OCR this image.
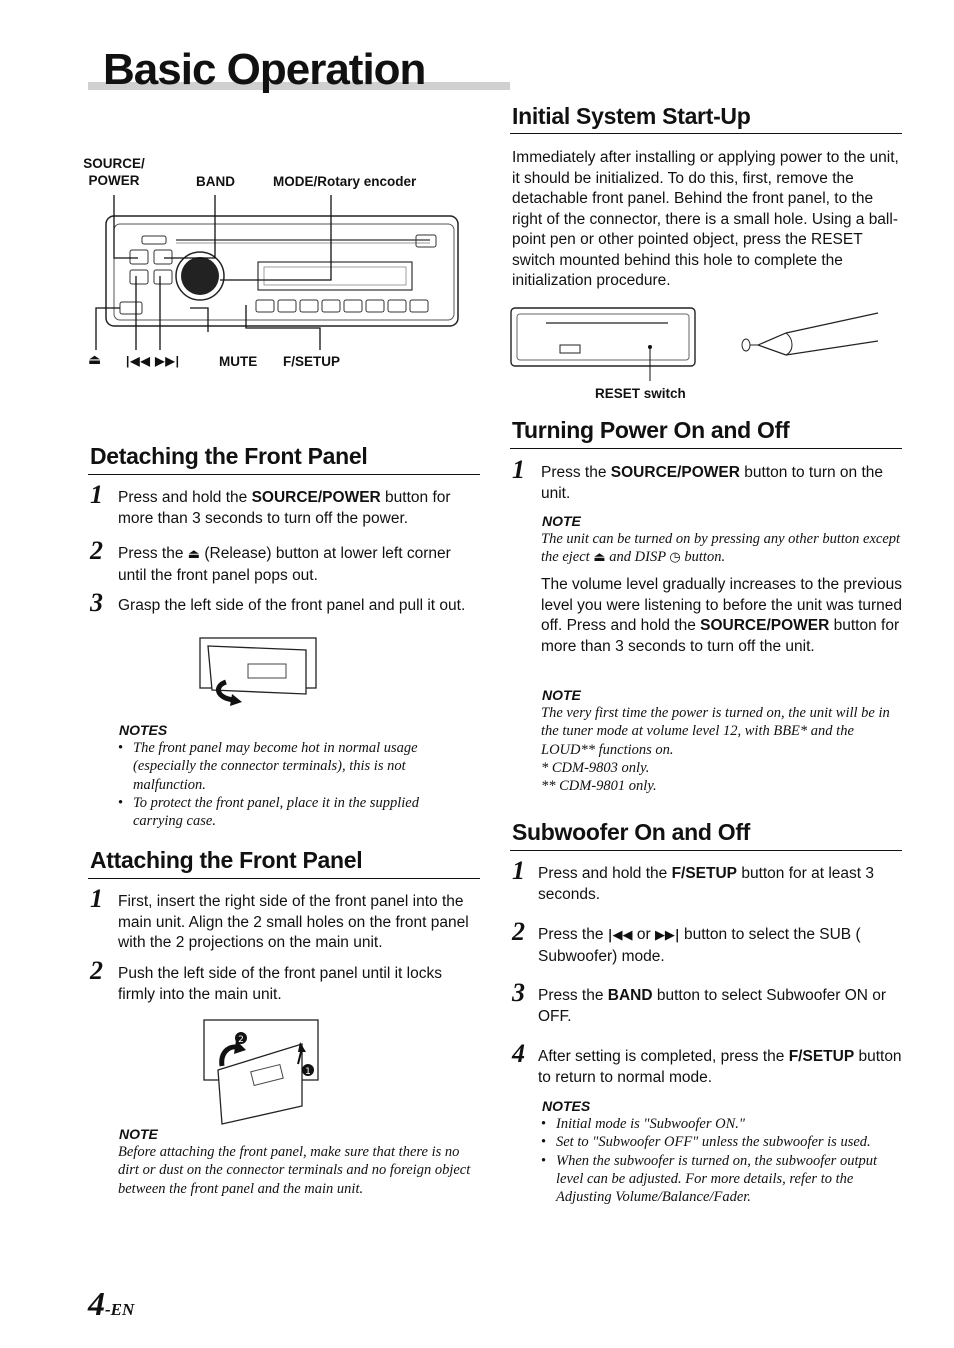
Basic Operation
SOURCE/
POWER	BAND	MODE/Rotary encoder
MUTE F/SETUP
⏏ |◀◀ ▶▶|
Detaching the Front Panel
1 Press and hold the SOURCE/POWER button for more than 3 seconds to turn off the power.
2 Press the ⏏ (Release) button at lower left corner until the front panel pops out.
3 Grasp the left side of the front panel and pull it out.
NOTES
• The front panel may become hot in normal usage (especially the connector terminals), this is not malfunction.
• To protect the front panel, place it in the supplied carrying case.
Attaching the Front Panel
1 First, insert the right side of the front panel into the main unit. Align the 2 small holes on the front panel with the 2 projections on the main unit.
2 Push the left side of the front panel until it locks firmly into the main unit.
2
1
NOTE
Before attaching the front panel, make sure that there is no dirt or dust on the connector terminals and no foreign object between the front panel and the main unit.
Initial System Start-Up
Immediately after installing or applying power to the unit, it should be initialized. To do this, first, remove the detachable front panel. Behind the front panel, to the right of the connector, there is a small hole. Using a ball-point pen or other pointed object, press the RESET switch mounted behind this hole to complete the initialization procedure.
RESET switch
Turning Power On and Off
1 Press the SOURCE/POWER button to turn on the unit.
NOTE
The unit can be turned on by pressing any other button except the eject ⏏ and DISP ◷ button.
The volume level gradually increases to the previous level you were listening to before the unit was turned off. Press and hold the SOURCE/POWER button for more than 3 seconds to turn off the unit.
NOTE
The very first time the power is turned on, the unit will be in the tuner mode at volume level 12, with BBE* and the LOUD** functions on.
* CDM-9803 only.
** CDM-9801 only.
Subwoofer On and Off
1 Press and hold the F/SETUP button for at least 3 seconds.
2 Press the |◀◀ or ▶▶| button to select the SUB ( Subwoofer) mode.
3 Press the BAND button to select Subwoofer ON or OFF.
4 After setting is completed, press the F/SETUP button to return to normal mode.
NOTES
• Initial mode is "Subwoofer ON."
• Set to "Subwoofer OFF" unless the subwoofer is used.
• When the subwoofer is turned on, the subwoofer output level can be adjusted. For more details, refer to the Adjusting Volume/Balance/Fader.
4-EN
